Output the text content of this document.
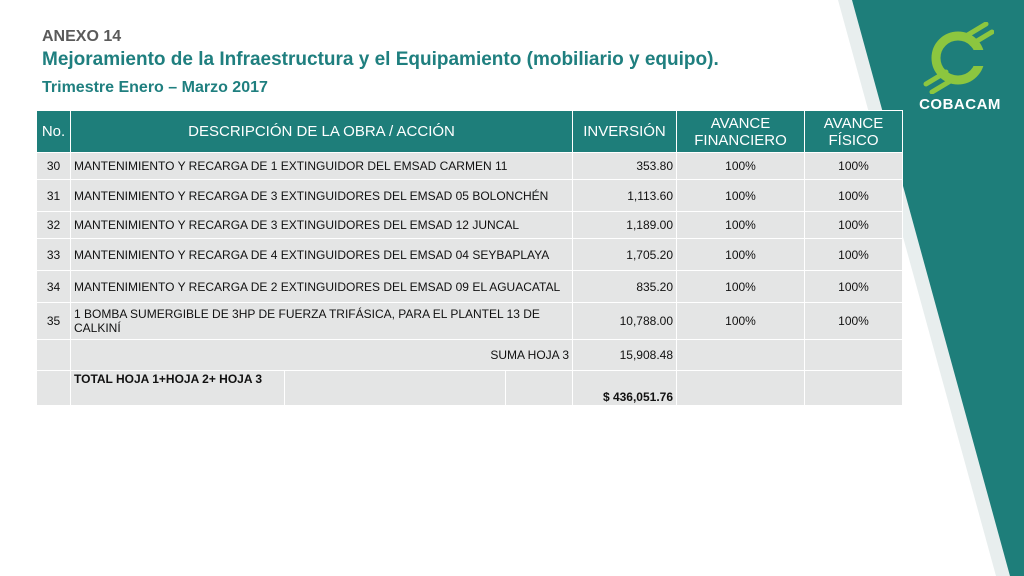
COBACAM
ANEXO 14
Mejoramiento de la Infraestructura y el Equipamiento (mobiliario y equipo).
Trimestre Enero – Marzo 2017
No.	DESCRIPCIÓN DE LA OBRA / ACCIÓN		INVERSIÓN	AVANCE FINANCIERO	AVANCE FÍSICO
30	MANTENIMIENTO Y RECARGA DE 1 EXTINGUIDOR DEL EMSAD CARMEN 11		353.80	100%	100%
31	MANTENIMIENTO Y RECARGA DE 3 EXTINGUIDORES DEL EMSAD 05 BOLONCHÉN		1,113.60	100%	100%
32	MANTENIMIENTO Y RECARGA DE 3 EXTINGUIDORES DEL EMSAD 12 JUNCAL		1,189.00	100%	100%
33	MANTENIMIENTO Y RECARGA DE 4 EXTINGUIDORES DEL EMSAD 04 SEYBAPLAYA		1,705.20	100%	100%
34	MANTENIMIENTO Y RECARGA DE 2 EXTINGUIDORES DEL EMSAD 09 EL AGUACATAL		835.20	100%	100%
35	1 BOMBA SUMERGIBLE DE 3HP DE FUERZA TRIFÁSICA, PARA EL PLANTEL 13 DE CALKINÍ		10,788.00	100%	100%
	SUMA HOJA 3		15,908.48		
	TOTAL HOJA 1+HOJA 2+ HOJA 3		$ 436,051.76		
